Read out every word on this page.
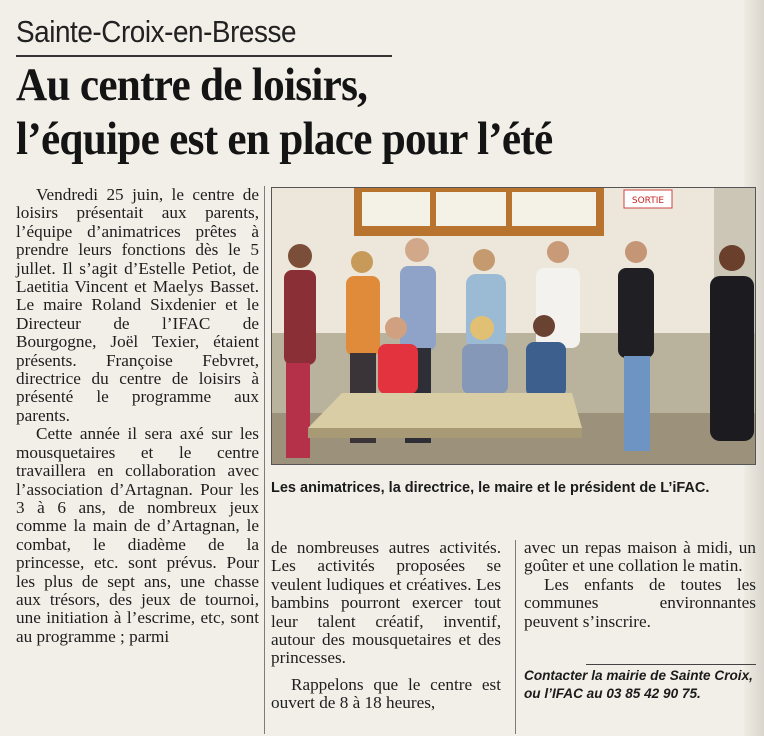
Sainte-Croix-en-Bresse
Au centre de loisirs,
l’équipe est en place pour l’été

Vendredi 25 juin, le centre de loisirs présentait aux parents, l’équipe d’animatrices prêtes à prendre leurs fonctions dès le 5 jullet. Il s’agit d’Estelle Petiot, de Laetitia Vincent et Maelys Basset. Le maire Roland Sixdenier et le Directeur de l’IFAC de Bourgogne, Joël Texier, étaient présents. Françoise Febvret, directrice du centre de loisirs à présenté le programme aux parents.

Cette année il sera axé sur les mousquetaires et le centre travaillera en collaboration avec l’association d’Artagnan. Pour les 3 à 6 ans, de nombreux jeux comme la main de d’Artagnan, le combat, le diadème de la princesse, etc. sont prévus. Pour les plus de sept ans, une chasse aux trésors, des jeux de tournoi, une initiation à l’escrime, etc, sont au programme ; parmi

SORTIE
Les animatrices, la directrice, le maire et le président de L’iFAC.

de nombreuses autres activités. Les activités proposées se veulent ludiques et créatives. Les bambins pourront exercer tout leur talent créatif, inventif, autour des mousquetaires et des princesses.

Rappelons que le centre est ouvert de 8 à 18 heures,

avec un repas maison à midi, un goûter et une collation le matin.

Les enfants de toutes les communes environnantes peuvent s’inscrire.

Contacter la mairie de Sainte Croix, ou l’IFAC au 03 85 42 90 75.
